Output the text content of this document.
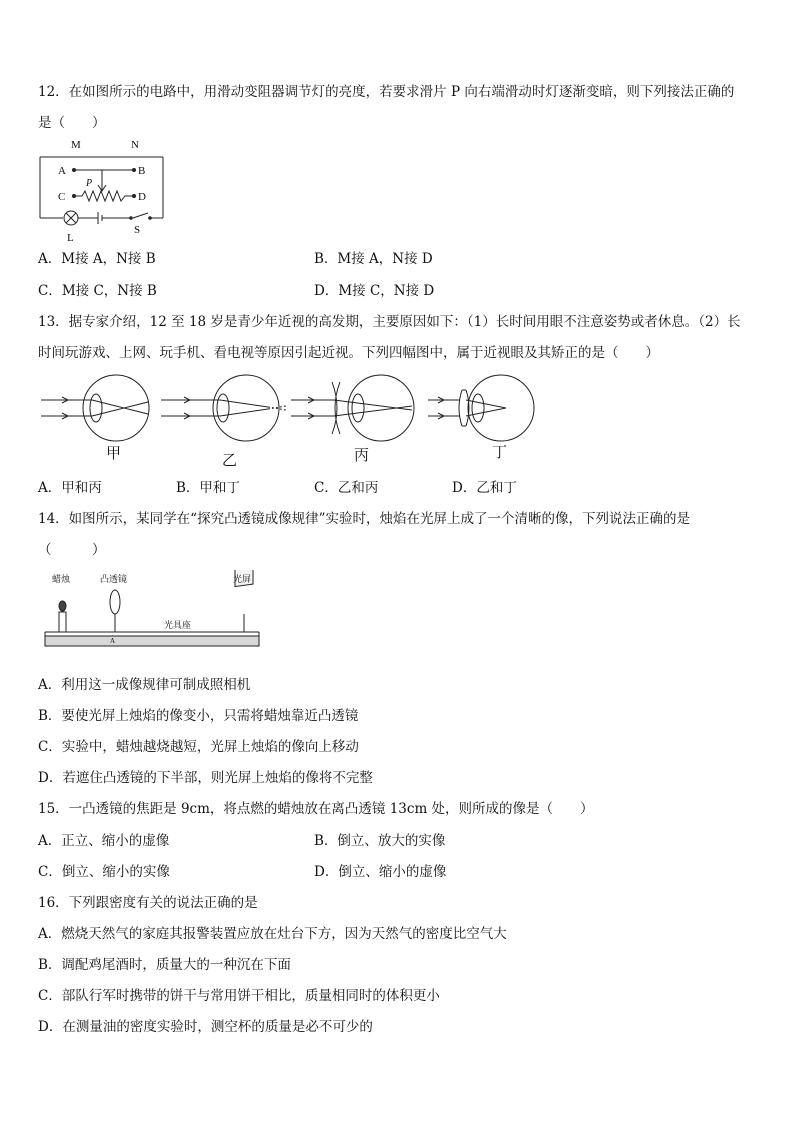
12．在如图所示的电路中，用滑动变阻器调节灯的亮度，若要求滑片 P 向右端滑动时灯逐渐变暗，则下列接法正确的
是（　　）
M	N
A	B
C	D
P
L
S
A．M接 A，N接 B	B．M接 A，N接 D
C．M接 C，N接 B	D．M接 C，N接 D
13．据专家介绍，12 至 18 岁是青少年近视的高发期，主要原因如下：（1）长时间用眼不注意姿势或者休息。（2）长
时间玩游戏、上网、玩手机、看电视等原因引起近视。下列四幅图中，属于近视眼及其矫正的是（　　）
甲	乙	丙	丁
A．甲和丙	B．甲和丁	C．乙和丙	D．乙和丁
14．如图所示，某同学在“探究凸透镜成像规律”实验时，烛焰在光屏上成了一个清晰的像，下列说法正确的是
（　　　）
蜡烛	凸透镜	光屏
光具座
A
A．利用这一成像规律可制成照相机
B．要使光屏上烛焰的像变小，只需将蜡烛靠近凸透镜
C．实验中，蜡烛越烧越短，光屏上烛焰的像向上移动
D．若遮住凸透镜的下半部，则光屏上烛焰的像将不完整
15．一凸透镜的焦距是 9cm，将点燃的蜡烛放在离凸透镜 13cm 处，则所成的像是（　　）
A．正立、缩小的虚像	B．倒立、放大的实像
C．倒立、缩小的实像	D．倒立、缩小的虚像
16．下列跟密度有关的说法正确的是
A．燃烧天然气的家庭其报警装置应放在灶台下方，因为天然气的密度比空气大
B．调配鸡尾酒时，质量大的一种沉在下面
C．部队行军时携带的饼干与常用饼干相比，质量相同时的体积更小
D．在测量油的密度实验时，测空杯的质量是必不可少的
